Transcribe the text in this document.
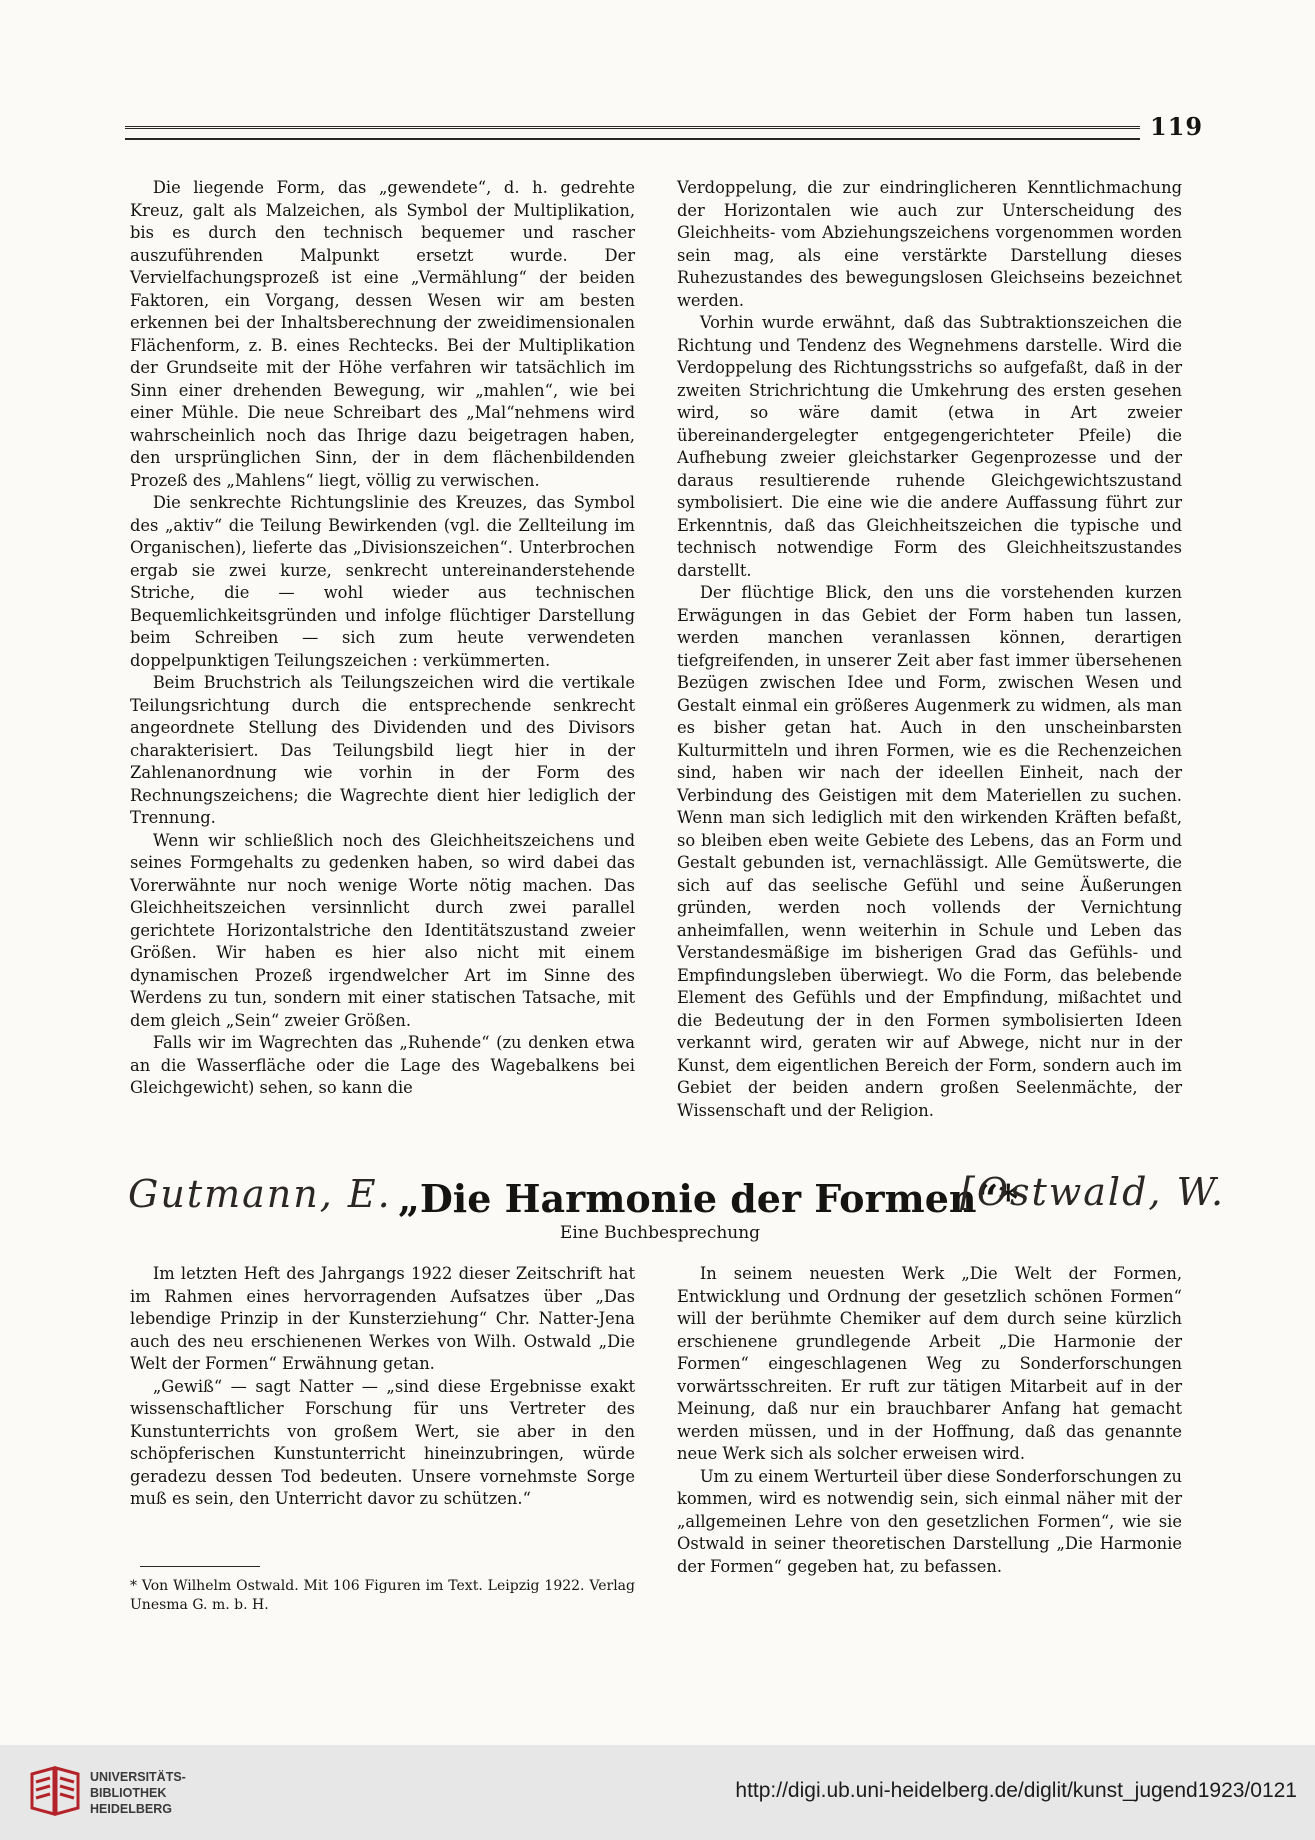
119

Die liegende Form, das „gewendete“, d. h. gedrehte Kreuz, galt als Malzeichen, als Symbol der Multiplikation, bis es durch den technisch bequemer und rascher auszuführenden Malpunkt ersetzt wurde. Der Vervielfachungsprozeß ist eine „Vermählung“ der beiden Faktoren, ein Vorgang, dessen Wesen wir am besten erkennen bei der Inhaltsberechnung der zweidimensionalen Flächenform, z. B. eines Rechtecks. Bei der Multiplikation der Grundseite mit der Höhe verfahren wir tatsächlich im Sinn einer drehenden Bewegung, wir „mahlen“, wie bei einer Mühle. Die neue Schreibart des „Mal“nehmens wird wahrscheinlich noch das Ihrige dazu beigetragen haben, den ursprünglichen Sinn, der in dem flächenbildenden Prozeß des „Mahlens“ liegt, völlig zu verwischen.

Die senkrechte Richtungslinie des Kreuzes, das Symbol des „aktiv“ die Teilung Bewirkenden (vgl. die Zellteilung im Organischen), lieferte das „Divisionszeichen“. Unterbrochen ergab sie zwei kurze, senkrecht untereinanderstehende Striche, die — wohl wieder aus technischen Bequemlichkeitsgründen und infolge flüchtiger Darstellung beim Schreiben — sich zum heute verwendeten doppelpunktigen Teilungszeichen : verkümmerten.

Beim Bruchstrich als Teilungszeichen wird die vertikale Teilungsrichtung durch die entsprechende senkrecht angeordnete Stellung des Dividenden und des Divisors charakterisiert. Das Teilungsbild liegt hier in der Zahlenanordnung wie vorhin in der Form des Rechnungszeichens; die Wagrechte dient hier lediglich der Trennung.

Wenn wir schließlich noch des Gleichheitszeichens und seines Formgehalts zu gedenken haben, so wird dabei das Vorerwähnte nur noch wenige Worte nötig machen. Das Gleichheitszeichen versinnlicht durch zwei parallel gerichtete Horizontalstriche den Identitätszustand zweier Größen. Wir haben es hier also nicht mit einem dynamischen Prozeß irgendwelcher Art im Sinne des Werdens zu tun, sondern mit einer statischen Tatsache, mit dem gleich „Sein“ zweier Größen.

Falls wir im Wagrechten das „Ruhende“ (zu denken etwa an die Wasserfläche oder die Lage des Wagebalkens bei Gleichgewicht) sehen, so kann die

Verdoppelung, die zur eindringlicheren Kenntlichmachung der Horizontalen wie auch zur Unterscheidung des Gleichheits- vom Abziehungszeichens vorgenommen worden sein mag, als eine verstärkte Darstellung dieses Ruhezustandes des bewegungslosen Gleichseins bezeichnet werden.

Vorhin wurde erwähnt, daß das Subtraktionszeichen die Richtung und Tendenz des Wegnehmens darstelle. Wird die Verdoppelung des Richtungsstrichs so aufgefaßt, daß in der zweiten Strichrichtung die Umkehrung des ersten gesehen wird, so wäre damit (etwa in Art zweier übereinandergelegter entgegengerichteter Pfeile) die Aufhebung zweier gleichstarker Gegenprozesse und der daraus resultierende ruhende Gleichgewichtszustand symbolisiert. Die eine wie die andere Auffassung führt zur Erkenntnis, daß das Gleichheitszeichen die typische und technisch notwendige Form des Gleichheitszustandes darstellt.

Der flüchtige Blick, den uns die vorstehenden kurzen Erwägungen in das Gebiet der Form haben tun lassen, werden manchen veranlassen können, derartigen tiefgreifenden, in unserer Zeit aber fast immer übersehenen Bezügen zwischen Idee und Form, zwischen Wesen und Gestalt einmal ein größeres Augenmerk zu widmen, als man es bisher getan hat. Auch in den unscheinbarsten Kulturmitteln und ihren Formen, wie es die Rechenzeichen sind, haben wir nach der ideellen Einheit, nach der Verbindung des Geistigen mit dem Materiellen zu suchen. Wenn man sich lediglich mit den wirkenden Kräften befaßt, so bleiben eben weite Gebiete des Lebens, das an Form und Gestalt gebunden ist, vernachlässigt. Alle Gemütswerte, die sich auf das seelische Gefühl und seine Äußerungen gründen, werden noch vollends der Vernichtung anheimfallen, wenn weiterhin in Schule und Leben das Verstandesmäßige im bisherigen Grad das Gefühls- und Empfindungsleben überwiegt. Wo die Form, das belebende Element des Gefühls und der Empfindung, mißachtet und die Bedeutung der in den Formen symbolisierten Ideen verkannt wird, geraten wir auf Abwege, nicht nur in der Kunst, dem eigentlichen Bereich der Form, sondern auch im Gebiet der beiden andern großen Seelenmächte, der Wissenschaft und der Religion.

Gutmann, E. „Die Harmonie der Formen“*
[Ostwald, W.
Eine Buchbesprechung

Im letzten Heft des Jahrgangs 1922 dieser Zeitschrift hat im Rahmen eines hervorragenden Aufsatzes über „Das lebendige Prinzip in der Kunsterziehung“ Chr. Natter-Jena auch des neu erschienenen Werkes von Wilh. Ostwald „Die Welt der Formen“ Erwähnung getan.

„Gewiß“ — sagt Natter — „sind diese Ergebnisse exakt wissenschaftlicher Forschung für uns Vertreter des Kunstunterrichts von großem Wert, sie aber in den schöpferischen Kunstunterricht hineinzubringen, würde geradezu dessen Tod bedeuten. Unsere vornehmste Sorge muß es sein, den Unterricht davor zu schützen.“

In seinem neuesten Werk „Die Welt der Formen, Entwicklung und Ordnung der gesetzlich schönen Formen“ will der berühmte Chemiker auf dem durch seine kürzlich erschienene grundlegende Arbeit „Die Harmonie der Formen“ eingeschlagenen Weg zu Sonderforschungen vorwärtsschreiten. Er ruft zur tätigen Mitarbeit auf in der Meinung, daß nur ein brauchbarer Anfang hat gemacht werden müssen, und in der Hoffnung, daß das genannte neue Werk sich als solcher erweisen wird.

Um zu einem Werturteil über diese Sonderforschungen zu kommen, wird es notwendig sein, sich einmal näher mit der „allgemeinen Lehre von den gesetzlichen Formen“, wie sie Ostwald in seiner theoretischen Darstellung „Die Harmonie der Formen“ gegeben hat, zu befassen.

* Von Wilhelm Ostwald. Mit 106 Figuren im Text. Leipzig 1922. Verlag Unesma G. m. b. H.
UNIVERSITÄTS-
BIBLIOTHEK
HEIDELBERG
http://digi.ub.uni-heidelberg.de/diglit/kunst_jugend1923/0121
